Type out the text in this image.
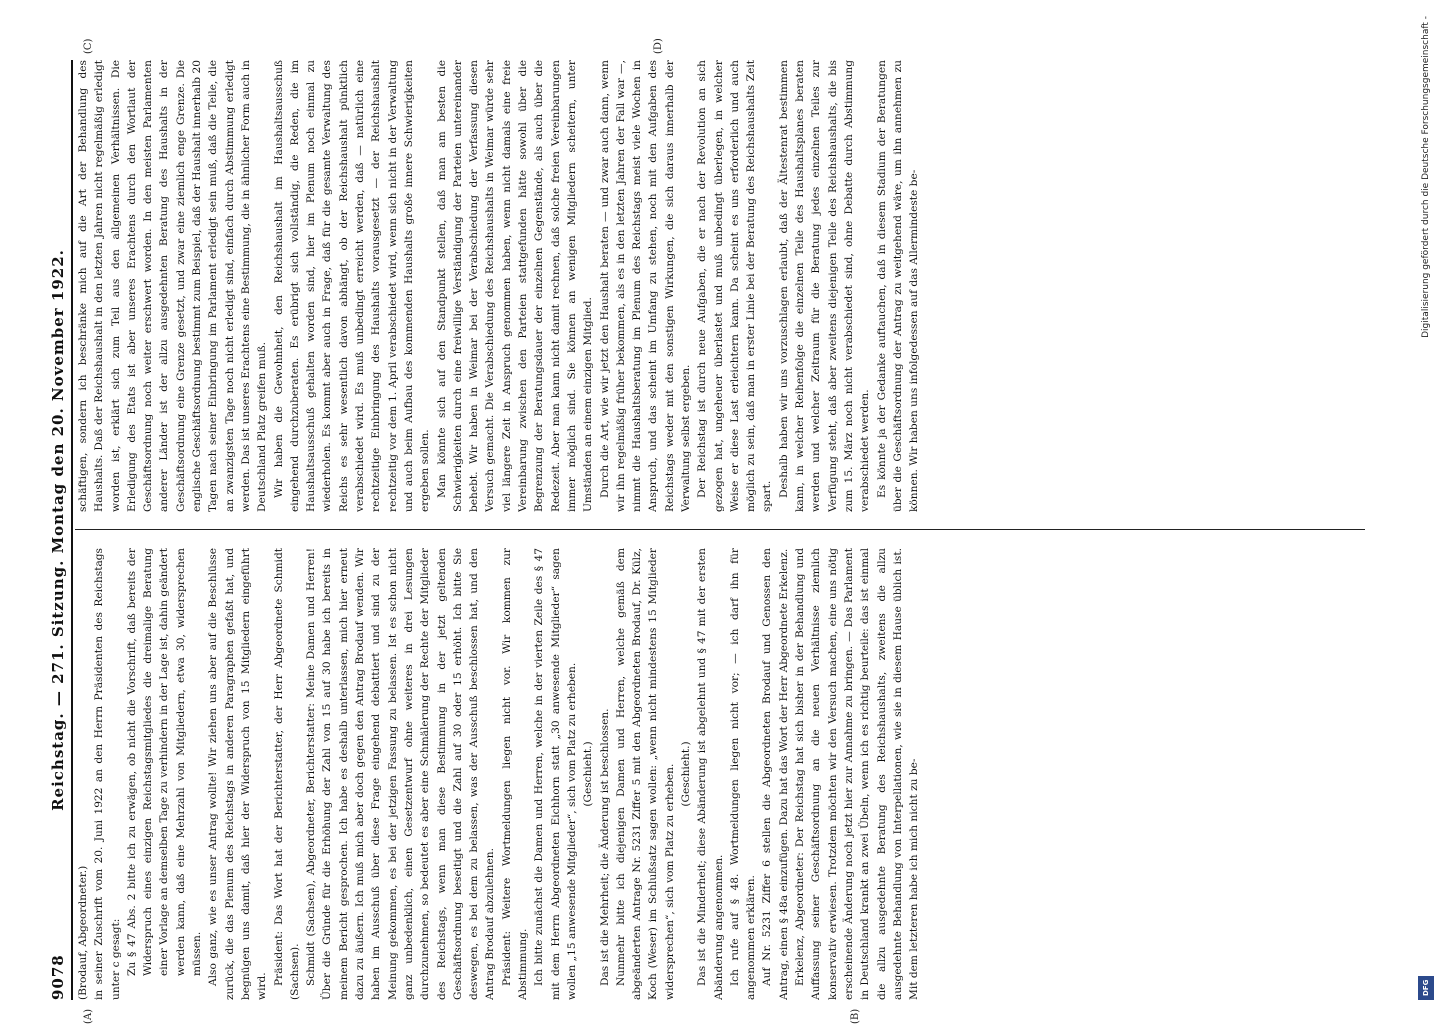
9078
Reichstag. — 271. Sitzung. Montag den 20. November 1922.
(A)	(B)
(C)	(D)

(Brodauf, Abgeordneter.) in seiner Zuschrift vom 20. Juni 1922 an den Herrn Präsidenten des Reichstags unter c gesagt: Zu § 47 Abs. 2 bitte ich zu erwägen, ob nicht die Vorschrift, daß bereits der Widerspruch eines einzigen Reichstagsmitgliedes die dreimalige Beratung einer Vorlage an demselben Tage zu verhindern in der Lage ist, dahin geändert werden kann, daß eine Mehrzahl von Mitgliedern, etwa 30, widersprechen müssen. Also ganz, wie es unser Antrag wollte! Wir ziehen uns aber auf die Beschlüsse zurück, die das Plenum des Reichstags in anderen Paragraphen gefaßt hat, und begnügen uns damit, daß hier der Widerspruch von 15 Mitgliedern eingeführt wird.

Präsident: Das Wort hat der Berichterstatter, der Herr Abgeordnete Schmidt (Sachsen). Schmidt (Sachsen), Abgeordneter, Berichterstatter: Meine Damen und Herren! Über die Gründe für die Erhöhung der Zahl von 15 auf 30 habe ich bereits in meinem Bericht gesprochen. Ich habe es deshalb unterlassen, mich hier erneut dazu zu äußern. Ich muß mich aber doch gegen den Antrag Brodauf wenden. Wir haben im Ausschuß über diese Frage eingehend debattiert und sind zu der Meinung gekommen, es bei der jetzigen Fassung zu belassen. Ist es schon nicht ganz unbedenklich, einen Gesetzentwurf ohne weiteres in drei Lesungen durchzunehmen, so bedeutet es aber eine Schmälerung der Rechte der Mitglieder des Reichstags, wenn man diese Bestimmung in der jetzt geltenden Geschäftsordnung beseitigt und die Zahl auf 30 oder 15 erhöht. Ich bitte Sie deswegen, es bei dem zu belassen, was der Ausschuß beschlossen hat, und den Antrag Brodauf abzulehnen. Präsident: Weitere Wortmeldungen liegen nicht vor. Wir kommen zur Abstimmung. Ich bitte zunächst die Damen und Herren, welche in der vierten Zeile des § 47 mit dem Herrn Abgeordneten Eichhorn statt „30 anwesende Mitglieder“ sagen wollen „15 anwesende Mitglieder“, sich vom Platz zu erheben. (Geschieht.) Das ist die Mehrheit; die Änderung ist beschlossen. Nunmehr bitte ich diejenigen Damen und Herren, welche gemäß dem abgeänderten Antrage Nr. 5231 Ziffer 5 mit den Abgeordneten Brodauf, Dr. Külz, Koch (Weser) im Schlußsatz sagen wollen: „wenn nicht mindestens 15 Mitglieder widersprechen“, sich vom Platz zu erheben. (Geschieht.) Das ist die Minderheit; diese Abänderung ist abgelehnt und § 47 mit der ersten Abänderung angenommen. Ich rufe auf § 48. Wortmeldungen liegen nicht vor; — ich darf ihn für angenommen erklären. Auf Nr. 5231 Ziffer 6 stellen die Abgeordneten Brodauf und Genossen den Antrag, einen § 48a einzufügen. Dazu hat das Wort der Herr Abgeordnete Erkelenz. Erkelenz, Abgeordneter: Der Reichstag hat sich bisher in der Behandlung und Auffassung seiner Geschäftsordnung an die neuen Verhältnisse ziemlich konservativ erwiesen. Trotzdem möchten wir den Versuch machen, eine uns nötig erscheinende Änderung noch jetzt hier zur Annahme zu bringen. — Das Parlament in Deutschland krankt an zwei Übeln, wenn ich es richtig beurteile: das ist einmal die allzu ausgedehnte Beratung des Reichshaushalts, zweitens die allzu ausgedehnte Behandlung von Interpellationen, wie sie in diesem Hause üblich ist. Mit dem letzteren habe ich mich nicht zu be-

schäftigen, sondern ich beschränke mich auf die Art der Behandlung des Haushalts. Daß der Reichshaushalt in den letzten Jahren nicht regelmäßig erledigt worden ist, erklärt sich zum Teil aus den allgemeinen Verhältnissen. Die Erledigung des Etats ist aber unseres Erachtens durch den Wortlaut der Geschäftsordnung noch weiter erschwert worden. In den meisten Parlamenten anderer Länder ist der allzu ausgedehnten Beratung des Haushalts in der Geschäftsordnung eine Grenze gesetzt, und zwar eine ziemlich enge Grenze. Die englische Geschäftsordnung bestimmt zum Beispiel, daß der Haushalt innerhalb 20 Tagen nach seiner Einbringung im Parlament erledigt sein muß, daß die Teile, die an zwanzigsten Tage noch nicht erledigt sind, einfach durch Abstimmung erledigt werden. Das ist unseres Erachtens eine Bestimmung, die in ähnlicher Form auch in Deutschland Platz greifen muß. Wir haben die Gewohnheit, den Reichshaushalt im Haushaltsausschuß eingehend durchzuberaten. Es erübrigt sich vollständig, die Reden, die im Haushaltsausschuß gehalten worden sind, hier im Plenum noch einmal zu wiederholen. Es kommt aber auch in Frage, daß für die gesamte Verwaltung des Reichs es sehr wesentlich davon abhängt, ob der Reichshaushalt pünktlich verabschiedet wird. Es muß unbedingt erreicht werden, daß — natürlich eine rechtzeitige Einbringung des Haushalts vorausgesetzt — der Reichshaushalt rechtzeitig vor dem 1. April verabschiedet wird, wenn sich nicht in der Verwaltung und auch beim Aufbau des kommenden Haushalts große innere Schwierigkeiten ergeben sollen. Man könnte sich auf den Standpunkt stellen, daß man am besten die Schwierigkeiten durch eine freiwillige Verständigung der Parteien untereinander behebt. Wir haben in Weimar bei der Verabschiedung der Verfassung diesen Versuch gemacht. Die Verabschiedung des Reichshaushalts in Weimar würde sehr viel längere Zeit in Anspruch genommen haben, wenn nicht damals eine freie Vereinbarung zwischen den Parteien stattgefunden hätte sowohl über die Begrenzung der Beratungsdauer der einzelnen Gegenstände, als auch über die Redezeit. Aber man kann nicht damit rechnen, daß solche freien Vereinbarungen immer möglich sind. Sie können an wenigen Mitgliedern scheitern, unter Umständen an einem einzigen Mitglied. Durch die Art, wie wir jetzt den Haushalt beraten — und zwar auch dann, wenn wir ihn regelmäßig früher bekommen, als es in den letzten Jahren der Fall war —, nimmt die Haushaltsberatung im Plenum des Reichstags meist viele Wochen in Anspruch, und das scheint im Umfang zu stehen, noch mit den Aufgaben des Reichstags weder mit den sonstigen Wirkungen, die sich daraus innerhalb der Verwaltung selbst ergeben. Der Reichstag ist durch neue Aufgaben, die er nach der Revolution an sich gezogen hat, ungeheuer überlastet und muß unbedingt überlegen, in welcher Weise er diese Last erleichtern kann. Da scheint es uns erforderlich und auch möglich zu sein, daß man in erster Linie bei der Beratung des Reichshaushalts Zeit spart. Deshalb haben wir uns vorzuschlagen erlaubt, daß der Ältestenrat bestimmen kann, in welcher Reihenfolge die einzelnen Teile des Haushaltsplanes beraten werden und welcher Zeitraum für die Beratung jedes einzelnen Teiles zur Verfügung steht, daß aber zweitens diejenigen Teile des Reichshaushalts, die bis zum 15. März noch nicht verabschiedet sind, ohne Debatte durch Abstimmung verabschiedet werden. Es könnte ja der Gedanke auftauchen, daß in diesem Stadium der Beratungen über die Geschäftsordnung der Antrag zu weitgehend wäre, um ihn annehmen zu können. Wir haben uns infolgedessen auf das Allermindeste be-	Digitalisierung gefördert durch die Deutsche Forschungsgemeinschaft -
DFG
